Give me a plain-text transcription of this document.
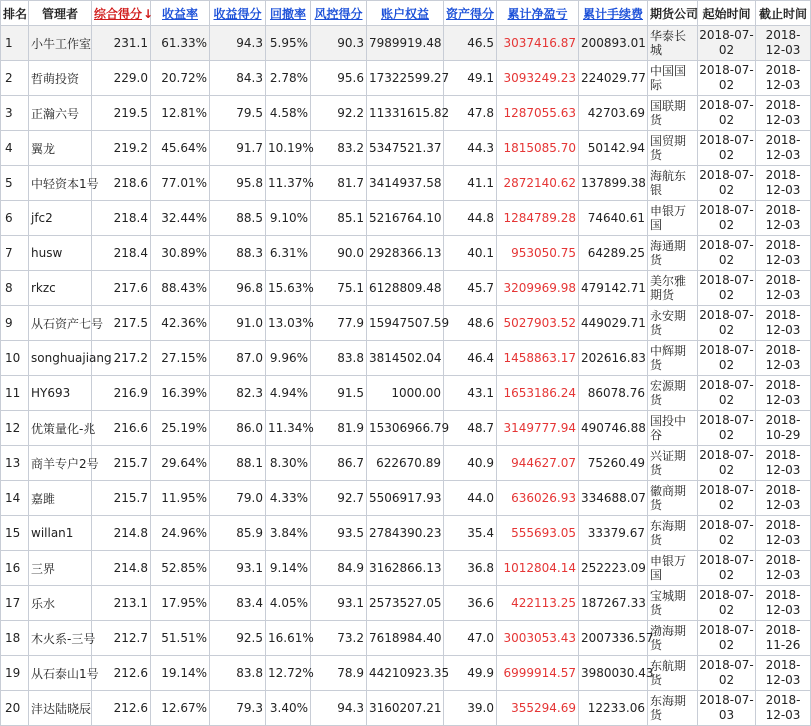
排名	管理者	综合得分↓	收益率	收益得分	回撤率	风控得分	账户权益	资产得分	累计净盈亏	累计手续费	期货公司	起始时间	截止时间
1	小牛工作室	231.1	61.33%	94.3	5.95%	90.3	7989919.48	46.5	3037416.87	200893.01	华泰长城	2018-07-02	2018-12-03
2	哲萌投资	229.0	20.72%	84.3	2.78%	95.6	17322599.27	49.1	3093249.23	224029.77	中国国际	2018-07-02	2018-12-03
3	正瀚六号	219.5	12.81%	79.5	4.58%	92.2	11331615.82	47.8	1287055.63	42703.69	国联期货	2018-07-02	2018-12-03
4	翼龙	219.2	45.64%	91.7	10.19%	83.2	5347521.37	44.3	1815085.70	50142.94	国贸期货	2018-07-02	2018-12-03
5	中轻资本1号	218.6	77.01%	95.8	11.37%	81.7	3414937.58	41.1	2872140.62	137899.38	海航东银	2018-07-02	2018-12-03
6	jfc2	218.4	32.44%	88.5	9.10%	85.1	5216764.10	44.8	1284789.28	74640.61	申银万国	2018-07-02	2018-12-03
7	husw	218.4	30.89%	88.3	6.31%	90.0	2928366.13	40.1	953050.75	64289.25	海通期货	2018-07-02	2018-12-03
8	rkzc	217.6	88.43%	96.8	15.63%	75.1	6128809.48	45.7	3209969.98	479142.71	美尔雅期货	2018-07-02	2018-12-03
9	从石资产七号	217.5	42.36%	91.0	13.03%	77.9	15947507.59	48.6	5027903.52	449029.71	永安期货	2018-07-02	2018-12-03
10	songhuajiang	217.2	27.15%	87.0	9.96%	83.8	3814502.04	46.4	1458863.17	202616.83	中辉期货	2018-07-02	2018-12-03
11	HY693	216.9	16.39%	82.3	4.94%	91.5	1000.00	43.1	1653186.24	86078.76	宏源期货	2018-07-02	2018-12-03
12	优策量化-兆	216.6	25.19%	86.0	11.34%	81.9	15306966.79	48.7	3149777.94	490746.88	国投中谷	2018-07-02	2018-10-29
13	商羊专户2号	215.7	29.64%	88.1	8.30%	86.7	622670.89	40.9	944627.07	75260.49	兴证期货	2018-07-02	2018-12-03
14	嘉雎	215.7	11.95%	79.0	4.33%	92.7	5506917.93	44.0	636026.93	334688.07	徽商期货	2018-07-02	2018-12-03
15	willan1	214.8	24.96%	85.9	3.84%	93.5	2784390.23	35.4	555693.05	33379.67	东海期货	2018-07-02	2018-12-03
16	三界	214.8	52.85%	93.1	9.14%	84.9	3162866.13	36.8	1012804.14	252223.09	申银万国	2018-07-02	2018-12-03
17	乐水	213.1	17.95%	83.4	4.05%	93.1	2573527.05	36.6	422113.25	187267.33	宝城期货	2018-07-02	2018-12-03
18	木火系-三号	212.7	51.51%	92.5	16.61%	73.2	7618984.40	47.0	3003053.43	2007336.57	渤海期货	2018-07-02	2018-11-26
19	从石泰山1号	212.6	19.14%	83.8	12.72%	78.9	44210923.35	49.9	6999914.57	3980030.43	东航期货	2018-07-02	2018-12-03
20	沣达陆晓辰	212.6	12.67%	79.3	3.40%	94.3	3160207.21	39.0	355294.69	12233.06	东海期货	2018-07-03	2018-12-03
